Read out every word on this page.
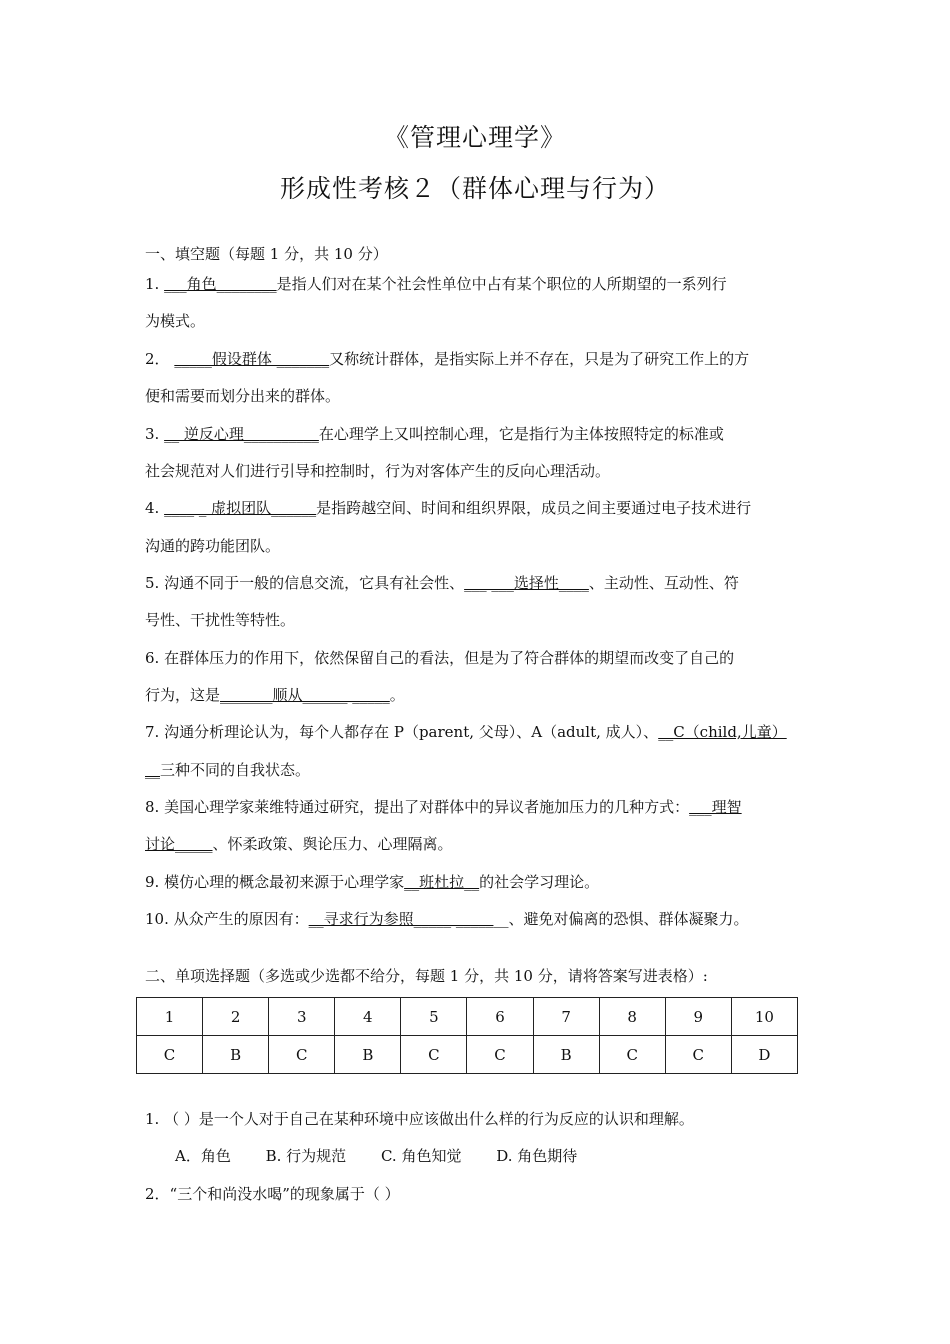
《管理心理学》
形成性考核２（群体心理与行为）
一、填空题（每题 1 分，共 10 分）
1. ___角色________是指人们对在某个社会性单位中占有某个职位的人所期望的一系列行
为模式。
2． _____假设群体 _______又称统计群体，是指实际上并不存在，只是为了研究工作上的方
便和需要而划分出来的群体。
3. __ 逆反心理__________在心理学上又叫控制心理，它是指行为主体按照特定的标准或
社会规范对人们进行引导和控制时，行为对客体产生的反向心理活动。
4. ____ _ 虚拟团队______是指跨越空间、时间和组织界限，成员之间主要通过电子技术进行
沟通的跨功能团队。
5. 沟通不同于一般的信息交流，它具有社会性、___ ___选择性____、主动性、互动性、符
号性、干扰性等特性。
6. 在群体压力的作用下，依然保留自己的看法，但是为了符合群体的期望而改变了自己的
行为，这是_______顺从______ _____。
7. 沟通分析理论认为，每个人都存在 P（parent, 父母）、A（adult, 成人）、__C（child,儿童）
__三种不同的自我状态。
8. 美国心理学家莱维特通过研究，提出了对群体中的异议者施加压力的几种方式：___理智
讨论_____、怀柔政策、舆论压力、心理隔离。
9. 模仿心理的概念最初来源于心理学家__班杜拉__的社会学习理论。
10. 从众产生的原因有：__寻求行为参照_____ _______、避免对偏离的恐惧、群体凝聚力。
二、单项选择题（多选或少选都不给分，每题 1 分，共 10 分，请将答案写进表格）:
1	2	3	4	5	6	7	8	9	10
C	B	C	B	C	C	B	C	C	D
1. （ ）是一个人对于自己在某种环境中应该做出什么样的行为反应的认识和理解。
A．角色 B. 行为规范 C. 角色知觉 D. 角色期待
2．“三个和尚没水喝”的现象属于（ ）
